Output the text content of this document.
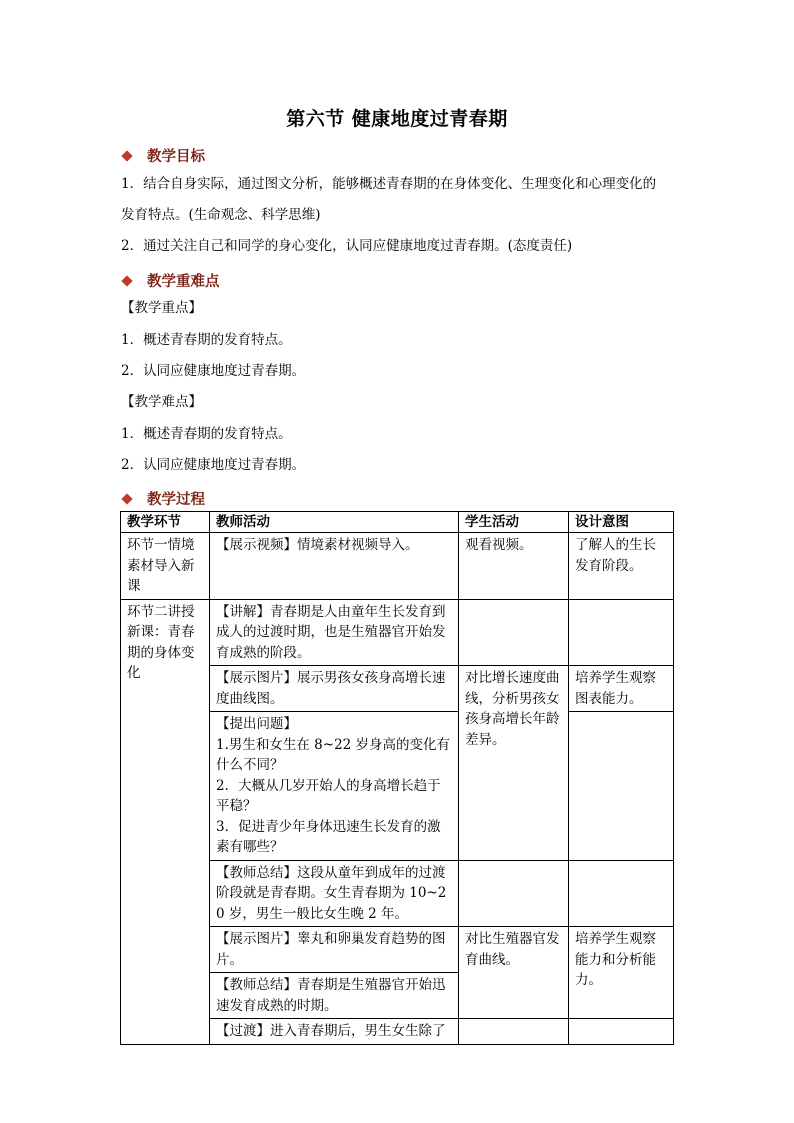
第六节 健康地度过青春期
教学目标
1．结合自身实际，通过图文分析，能够概述青春期的在身体变化、生理变化和心理变化的
发育特点。(生命观念、科学思维)
2．通过关注自己和同学的身心变化，认同应健康地度过青春期。(态度责任)
教学重难点
【教学重点】
1．概述青春期的发育特点。
2．认同应健康地度过青春期。
【教学难点】
1．概述青春期的发育特点。
2．认同应健康地度过青春期。
教学过程
教学环节	教师活动	学生活动	设计意图
环节一情境素材导入新课	【展示视频】情境素材视频导入。	观看视频。	了解人的生长发育阶段。
环节二讲授新课：青春期的身体变化	【讲解】青春期是人由童年生长发育到成人的过渡时期，也是生殖器官开始发育成熟的阶段。		
	【展示图片】展示男孩女孩身高增长速度曲线图。	对比增长速度曲线，分析男孩女孩身高增长年龄差异。	培养学生观察图表能力。

	【提出问题】
1.男生和女生在 8~22 岁身高的变化有什么不同？
2．大概从几岁开始人的身高增长趋于平稳？
3．促进青少年身体迅速生长发育的激素有哪些？		

	【教师总结】这段从童年到成年的过渡阶段就是青春期。女生青春期为 10~20 岁，男生一般比女生晚 2 年。		
	【展示图片】睾丸和卵巢发育趋势的图片。	对比生殖器官发育曲线。	培养学生观察能力和分析能力。
	【教师总结】青春期是生殖器官开始迅速发育成熟的时期。		
	【过渡】进入青春期后，男生女生除了		
